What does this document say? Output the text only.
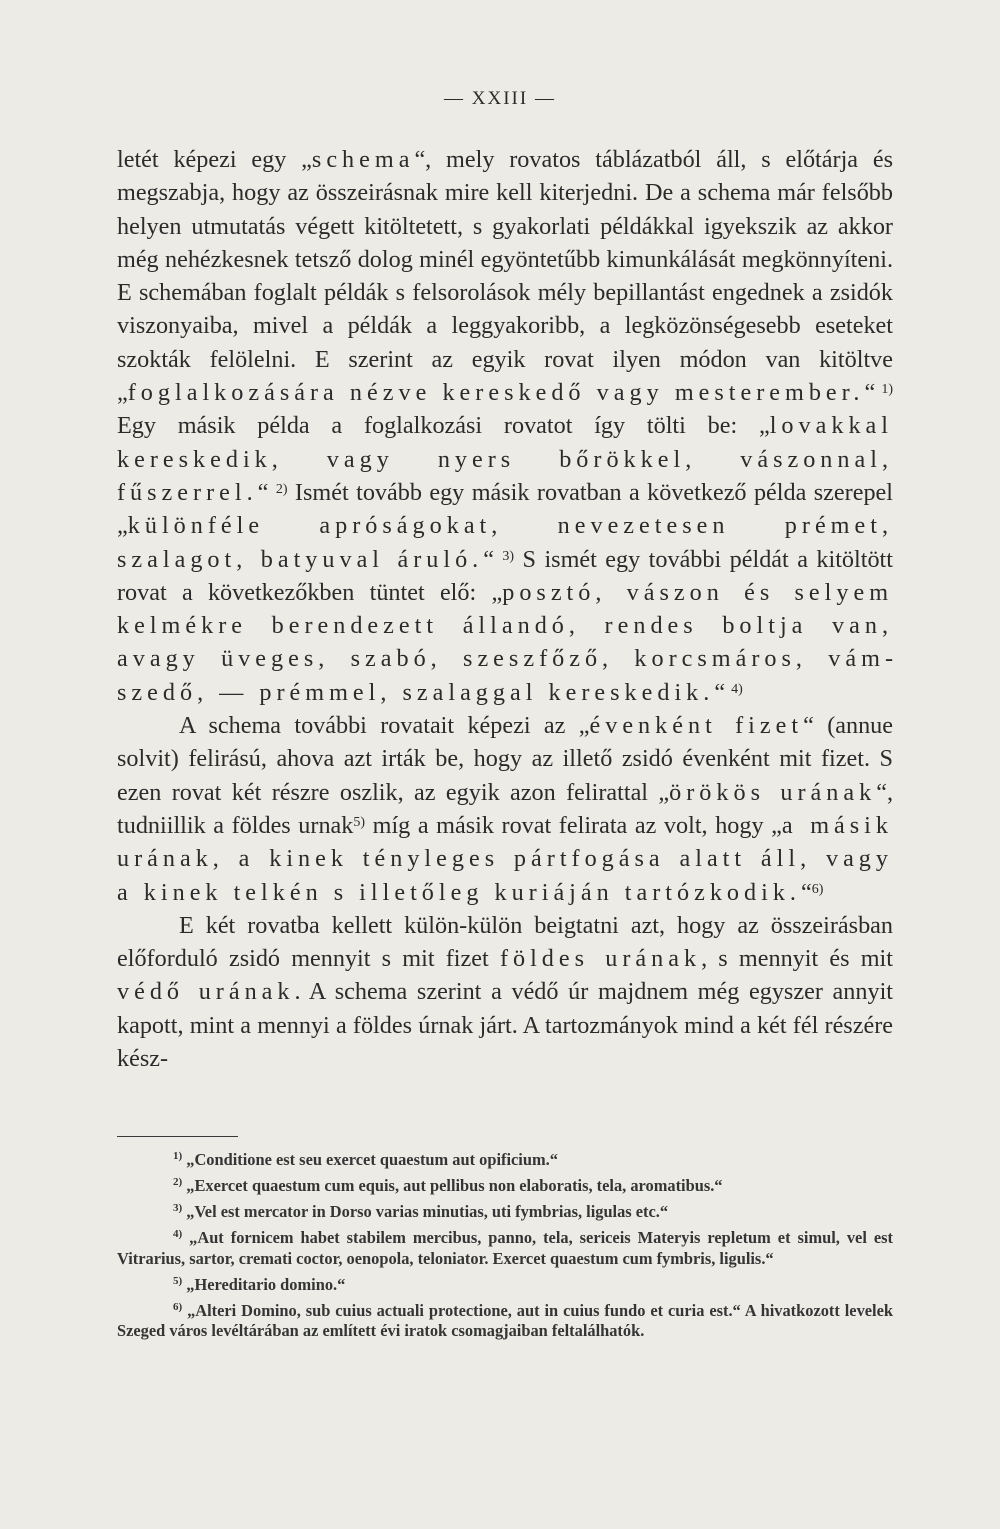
— XXIII —

letét képezi egy „schema“, mely rovatos táblázatból áll, s előtárja és megszabja, hogy az összeirásnak mire kell kiterjedni. De a schema már felsőbb helyen utmutatás végett kitöltetett, s gyakorlati példákkal igyekszik az akkor még nehézkesnek tetsző dolog minél egyöntetűbb kimunkálását megkönnyíteni. E schemában foglalt példák s felsorolások mély bepillantást engednek a zsidók viszonyaiba, mivel a példák a leggyakoribb, a legközönségesebb eseteket szokták felölelni. E szerint az egyik rovat ilyen módon van kitöltve „foglalkozására nézve kereskedő vagy mesterember.“ $^{1)}$ Egy másik példa a foglalkozási rovatot így tölti be: „lovakkal kereskedik, vagy nyers bőrökkel, vászonnal, fűszerrel.“ $^{2)}$ Ismét tovább egy másik rovatban a következő példa szerepel „különféle apróságokat, nevezetesen prémet, szalagot, batyuval áruló.“ $^{3)}$ S ismét egy további példát a kitöltött rovat a következőkben tüntet elő: „posztó, vászon és selyem kelmékre berendezett állandó, rendes boltja van, avagy üveges, szabó, szeszfőző, korcsmáros, vámszedő, — prémmel, szalaggal kereskedik.“ $^{4)}$

A schema további rovatait képezi az „évenként fizet“ (annue solvit) felirású, ahova azt irták be, hogy az illető zsidó évenként mit fizet. S ezen rovat két részre oszlik, az egyik azon felirattal „örökös urának“, tudniillik a földes urnak$^{5)}$ míg a másik rovat felirata az volt, hogy „a másik urának, a kinek tényleges pártfogása alatt áll, vagy a kinek telkén s illetőleg kuriáján tartózkodik.“$^{6)}$

E két rovatba kellett külön-külön beigtatni azt, hogy az összeirásban előforduló zsidó mennyit s mit fizet földes urának, s mennyit és mit védő urának. A schema szerint a védő úr majdnem még egyszer annyit kapott, mint a mennyi a földes úrnak járt. A tartozmányok mind a két fél részére kész-

$^{1)}$ „Conditione est seu exercet quaestum aut opificium.“

$^{2)}$ „Exercet quaestum cum equis, aut pellibus non elaboratis, tela, aromatibus.“

$^{3)}$ „Vel est mercator in Dorso varias minutias, uti fymbrias, ligulas etc.“

$^{4)}$ „Aut fornicem habet stabilem mercibus, panno, tela, sericeis Materyis repletum et simul, vel est Vitrarius, sartor, cremati coctor, oenopola, teloniator. Exercet quaestum cum fymbris, ligulis.“

$^{5)}$ „Hereditario domino.“

$^{6)}$ „Alteri Domino, sub cuius actuali protectione, aut in cuius fundo et curia est.“ A hivatkozott levelek Szeged város levéltárában az említett évi iratok csomagjaiban feltalálhatók.
